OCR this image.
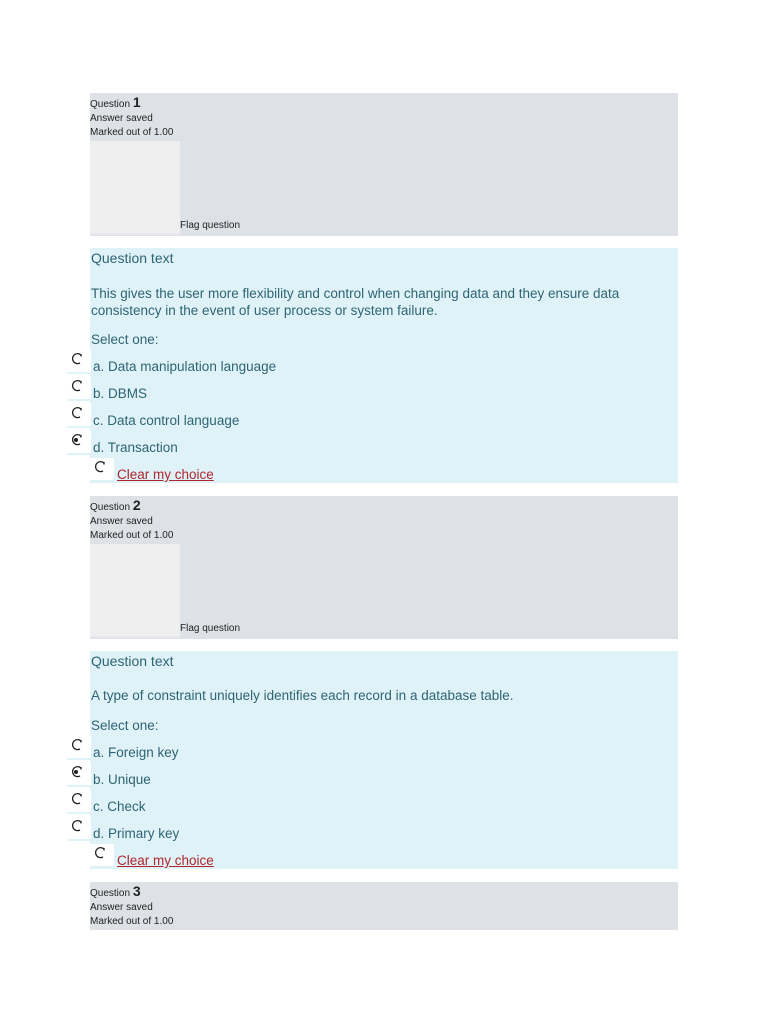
Question 1
Answer saved
Marked out of 1.00
Flag question
Question text
This gives the user more flexibility and control when changing data and they ensure data consistency in the event of user process or system failure.
Select one:
a. Data manipulation language
b. DBMS
c. Data control language
d. Transaction
Clear my choice
Question 2
Answer saved
Marked out of 1.00
Flag question
Question text
A type of constraint uniquely identifies each record in a database table.
Select one:
a. Foreign key
b. Unique
c. Check
d. Primary key
Clear my choice
Question 3
Answer saved
Marked out of 1.00
